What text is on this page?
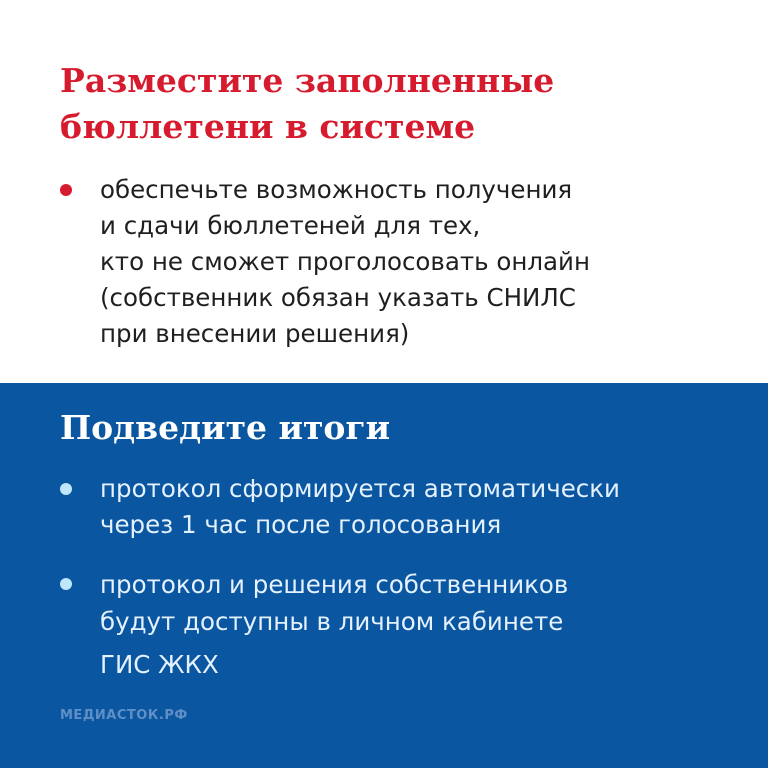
Разместите заполненные
бюллетени в системе

обеспечьте возможность получения
и сдачи бюллетеней для тех,
кто не сможет проголосовать онлайн
(собственник обязан указать СНИЛС
при внесении решения)

Подведите итоги

протокол сформируется автоматически
через 1 час после голосования

протокол и решения собственников
будут доступны в личном кабинете
ГИС ЖКХ

МЕДИАСТОК.РФ
